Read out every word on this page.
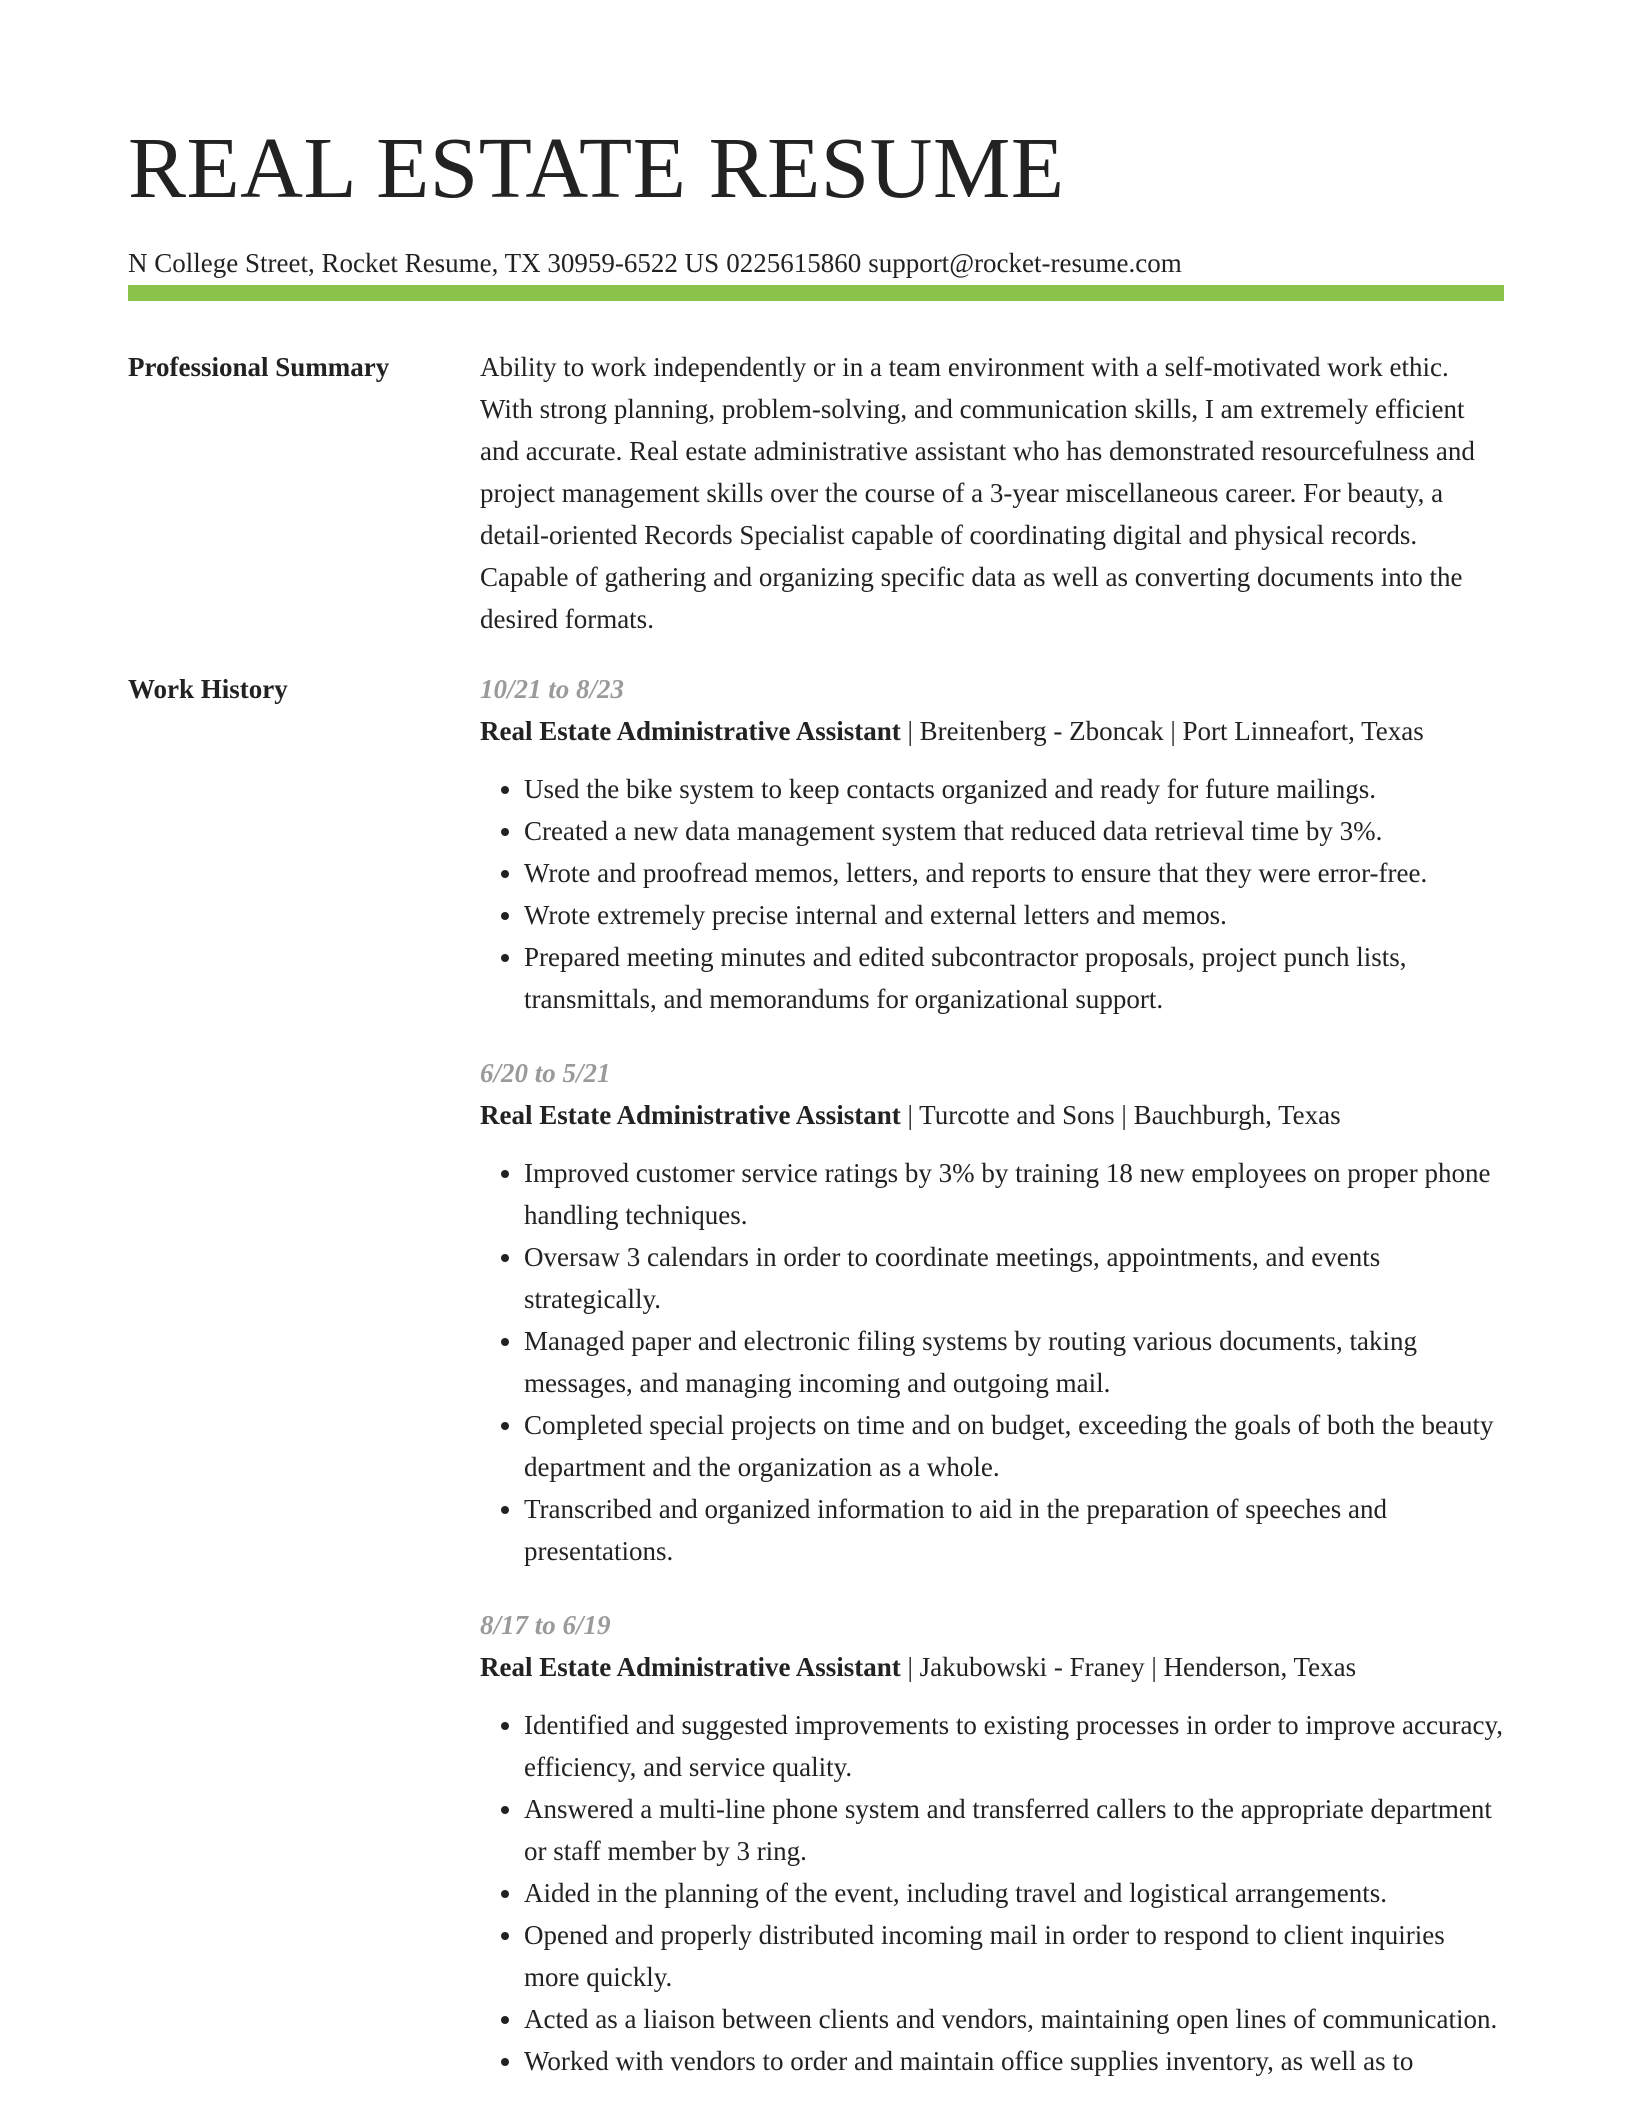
REAL ESTATE RESUME
N College Street, Rocket Resume, TX 30959-6522 US 0225615860 support@rocket-resume.com
Professional Summary	Ability to work independently or in a team environment with a self-motivated work ethic. With strong planning, problem-solving, and communication skills, I am extremely efficient and accurate. Real estate administrative assistant who has demonstrated resourcefulness and project management skills over the course of a 3-year miscellaneous career. For beauty, a detail-oriented Records Specialist capable of coordinating digital and physical records. Capable of gathering and organizing specific data as well as converting documents into the desired formats.

Work History	10/21 to 8/23
Real Estate Administrative Assistant | Breitenberg - Zboncak | Port Linneafort, Texas
• Used the bike system to keep contacts organized and ready for future mailings.
• Created a new data management system that reduced data retrieval time by 3%.
• Wrote and proofread memos, letters, and reports to ensure that they were error-free.
• Wrote extremely precise internal and external letters and memos.
• Prepared meeting minutes and edited subcontractor proposals, project punch lists, transmittals, and memorandums for organizational support.
6/20 to 5/21
Real Estate Administrative Assistant | Turcotte and Sons | Bauchburgh, Texas
• Improved customer service ratings by 3% by training 18 new employees on proper phone handling techniques.
• Oversaw 3 calendars in order to coordinate meetings, appointments, and events strategically.
• Managed paper and electronic filing systems by routing various documents, taking messages, and managing incoming and outgoing mail.
• Completed special projects on time and on budget, exceeding the goals of both the beauty department and the organization as a whole.
• Transcribed and organized information to aid in the preparation of speeches and presentations.
8/17 to 6/19
Real Estate Administrative Assistant | Jakubowski - Franey | Henderson, Texas
• Identified and suggested improvements to existing processes in order to improve accuracy, efficiency, and service quality.
• Answered a multi-line phone system and transferred callers to the appropriate department or staff member by 3 ring.
• Aided in the planning of the event, including travel and logistical arrangements.
• Opened and properly distributed incoming mail in order to respond to client inquiries more quickly.
• Acted as a liaison between clients and vendors, maintaining open lines of communication.
• Worked with vendors to order and maintain office supplies inventory, as well as to
